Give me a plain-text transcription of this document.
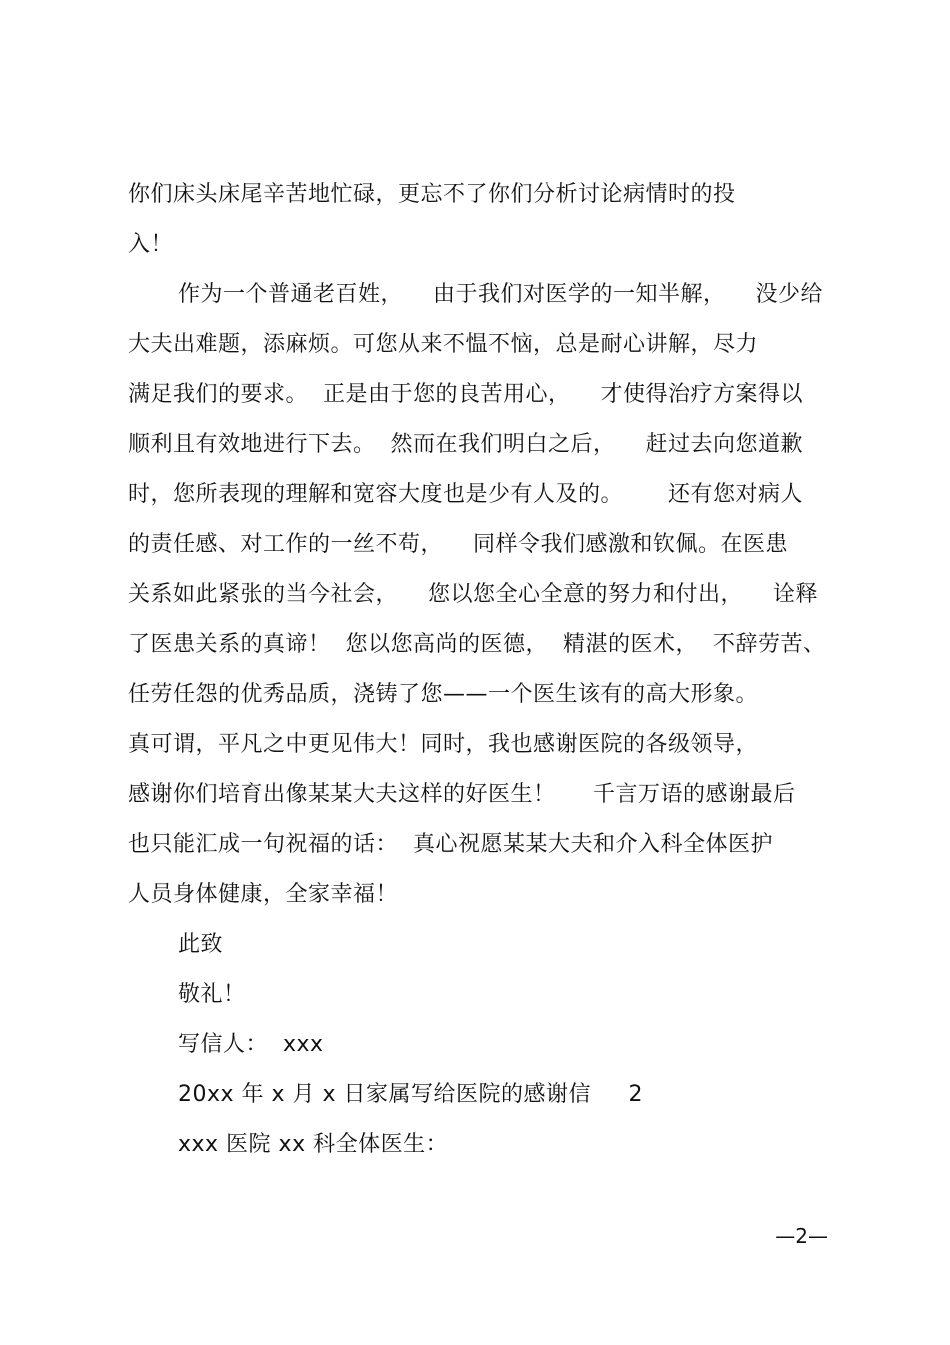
你们床头床尾辛苦地忙碌，更忘不了你们分析讨论病情时的投
入！
作为一个普通老百姓，    由于我们对医学的一知半解，    没少给
大夫出难题，添麻烦。可您从来不愠不恼，总是耐心讲解，尽力
满足我们的要求。  正是由于您的良苦用心，    才使得治疗方案得以
顺利且有效地进行下去。  然而在我们明白之后，    赶过去向您道歉
时，您所表现的理解和宽容大度也是少有人及的。      还有您对病人
的责任感、对工作的一丝不苟，    同样令我们感激和钦佩。在医患
关系如此紧张的当今社会，    您以您全心全意的努力和付出，    诠释
了医患关系的真谛！  您以您高尚的医德，  精湛的医术，  不辞劳苦、
任劳任怨的优秀品质，浇铸了您——一个医生该有的高大形象。
真可谓，平凡之中更见伟大！同时，我也感谢医院的各级领导，
感谢你们培育出像某某大夫这样的好医生！     千言万语的感谢最后
也只能汇成一句祝福的话：  真心祝愿某某大夫和介入科全体医护
人员身体健康，全家幸福！
此致
敬礼！
写信人：  xxx
20xx 年 x 月 x 日家属写给医院的感谢信     2
xxx 医院 xx 科全体医生：
—2—
